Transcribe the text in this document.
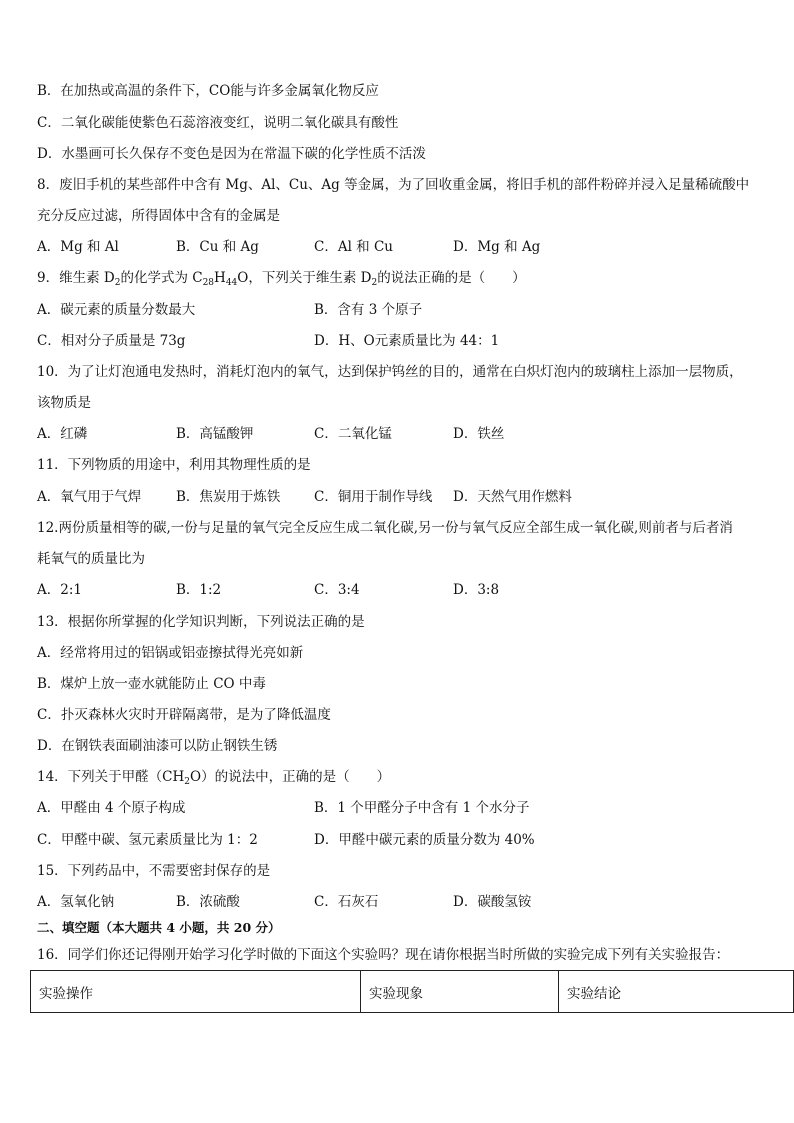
B．在加热或高温的条件下，CO能与许多金属氧化物反应
C．二氧化碳能使紫色石蕊溶液变红，说明二氧化碳具有酸性
D．水墨画可长久保存不变色是因为在常温下碳的化学性质不活泼
8．废旧手机的某些部件中含有 Mg、Al、Cu、Ag 等金属，为了回收重金属，将旧手机的部件粉碎并浸入足量稀硫酸中
充分反应过滤，所得固体中含有的金属是
A．Mg 和 Al	B．Cu 和 Ag	C．Al 和 Cu	D．Mg 和 Ag
9．维生素 $D_2$的化学式为 $C_{28}H_{44}O$，下列关于维生素 $D_2$的说法正确的是（　　）
A．碳元素的质量分数最大	B．含有 3 个原子
C．相对分子质量是 73g	D．H、O元素质量比为 44：1
10．为了让灯泡通电发热时，消耗灯泡内的氧气，达到保护钨丝的目的，通常在白炽灯泡内的玻璃柱上添加一层物质，
该物质是
A．红磷	B．高锰酸钾	C．二氧化锰	D．铁丝
11．下列物质的用途中，利用其物理性质的是
A．氧气用于气焊	B．焦炭用于炼铁 C．铜用于制作导线 D．天然气用作燃料
12.两份质量相等的碳,一份与足量的氧气完全反应生成二氧化碳,另一份与氧气反应全部生成一氧化碳,则前者与后者消
耗氧气的质量比为
A．2:1	B．1:2	C．3:4	D．3:8
13．根据你所掌握的化学知识判断，下列说法正确的是
A．经常将用过的铝锅或铝壶擦拭得光亮如新
B．煤炉上放一壶水就能防止 CO 中毒
C．扑灭森林火灾时开辟隔离带，是为了降低温度
D．在钢铁表面刷油漆可以防止钢铁生锈
14．下列关于甲醛$(CH_2O)$的说法中，正确的是（　　）
A．甲醛由 4 个原子构成	B．1 个甲醛分子中含有 1 个水分子
C．甲醛中碳、氢元素质量比为 1：2	D．甲醛中碳元素的质量分数为 40%
15．下列药品中，不需要密封保存的是
A．氢氧化钠	B．浓硫酸	C．石灰石	D．碳酸氢铵
二、填空题（本大题共 4 小题，共 20 分）
16．同学们你还记得刚开始学习化学时做的下面这个实验吗？现在请你根据当时所做的实验完成下列有关实验报告：
实验操作	实验现象	实验结论
